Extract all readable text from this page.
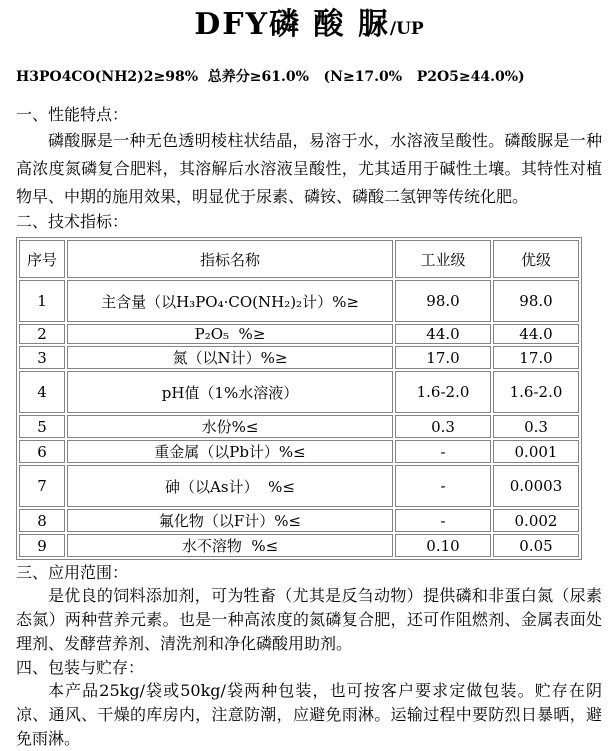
DFY磷 酸 脲/UP

H3PO4CO(NH2)2≥98%  总养分≥61.0%   (N≥17.0%   P2O5≥44.0%)

一、性能特点：

磷酸脲是一种无色透明棱柱状结晶，易溶于水，水溶液呈酸性。磷酸脲是一种高浓度氮磷复合肥料，其溶解后水溶液呈酸性，尤其适用于碱性土壤。其特性对植物早、中期的施用效果，明显优于尿素、磷铵、磷酸二氢钾等传统化肥。

二、技术指标：
序号	指标名称	工业级	优级
1	主含量（以H₃PO₄·CO(NH₂)₂计）%≥	98.0	98.0
2	P₂O₅  %≥	44.0	44.0
3	氮（以N计）%≥	17.0	17.0
4	pH值（1%水溶液）	1.6-2.0	1.6-2.0
5	水份%≤	0.3	0.3
6	重金属（以Pb计）%≤	-	0.001
7	砷（以As计）  %≤	-	0.0003
8	氟化物（以F计）%≤	-	0.002
9	水不溶物  %≤	0.10	0.05
三、应用范围：

是优良的饲料添加剂，可为牲畜（尤其是反刍动物）提供磷和非蛋白氮（尿素态氮）两种营养元素。也是一种高浓度的氮磷复合肥，还可作阻燃剂、金属表面处理剂、发酵营养剂、清洗剂和净化磷酸用助剂。

四、包装与贮存：

本产品25kg/袋或50kg/袋两种包装，也可按客户要求定做包装。贮存在阴凉、通风、干燥的库房内，注意防潮，应避免雨淋。运输过程中要防烈日暴晒，避免雨淋。
